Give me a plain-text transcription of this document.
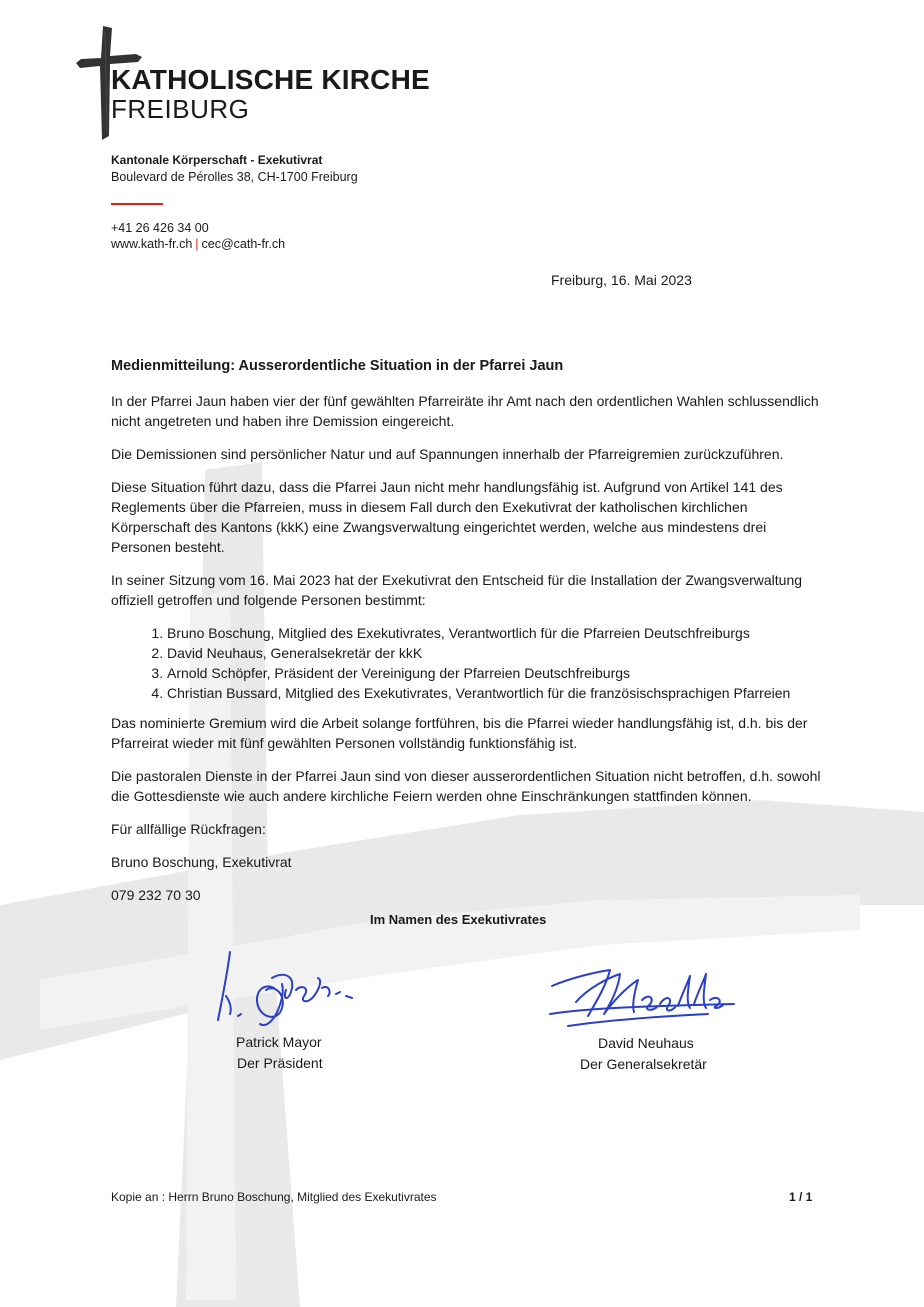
KATHOLISCHE KIRCHE
FREIBURG
Kantonale Körperschaft - Exekutivrat
Boulevard de Pérolles 38, CH-1700 Freiburg
+41 26 426 34 00
www.kath-fr.ch | cec@cath-fr.ch
Freiburg, 16. Mai 2023
Medienmitteilung: Ausserordentliche Situation in der Pfarrei Jaun

In der Pfarrei Jaun haben vier der fünf gewählten Pfarreiräte ihr Amt nach den ordentlichen Wahlen schlussendlich nicht angetreten und haben ihre Demission eingereicht.

Die Demissionen sind persönlicher Natur und auf Spannungen innerhalb der Pfarreigremien zurückzuführen.

Diese Situation führt dazu, dass die Pfarrei Jaun nicht mehr handlungsfähig ist. Aufgrund von Artikel 141 des Reglements über die Pfarreien, muss in diesem Fall durch den Exekutivrat der katholischen kirchlichen Körperschaft des Kantons (kkK) eine Zwangsverwaltung eingerichtet werden, welche aus mindestens drei Personen besteht.

In seiner Sitzung vom 16. Mai 2023 hat der Exekutivrat den Entscheid für die Installation der Zwangsverwaltung offiziell getroffen und folgende Personen bestimmt:

1. Bruno Boschung, Mitglied des Exekutivrates, Verantwortlich für die Pfarreien Deutschfreiburgs
2. David Neuhaus, Generalsekretär der kkK
3. Arnold Schöpfer, Präsident der Vereinigung der Pfarreien Deutschfreiburgs
4. Christian Bussard, Mitglied des Exekutivrates, Verantwortlich für die französischsprachigen Pfarreien

Das nominierte Gremium wird die Arbeit solange fortführen, bis die Pfarrei wieder handlungsfähig ist, d.h. bis der Pfarreirat wieder mit fünf gewählten Personen vollständig funktionsfähig ist.

Die pastoralen Dienste in der Pfarrei Jaun sind von dieser ausserordentlichen Situation nicht betroffen, d.h. sowohl die Gottesdienste wie auch andere kirchliche Feiern werden ohne Einschränkungen stattfinden können.

Für allfällige Rückfragen:

Bruno Boschung, Exekutivrat

079 232 70 30

Im Namen des Exekutivrates
Patrick Mayor
Der Präsident
David Neuhaus
Der Generalsekretär
Kopie an : Herrn Bruno Boschung, Mitglied des Exekutivrates	1 / 1
